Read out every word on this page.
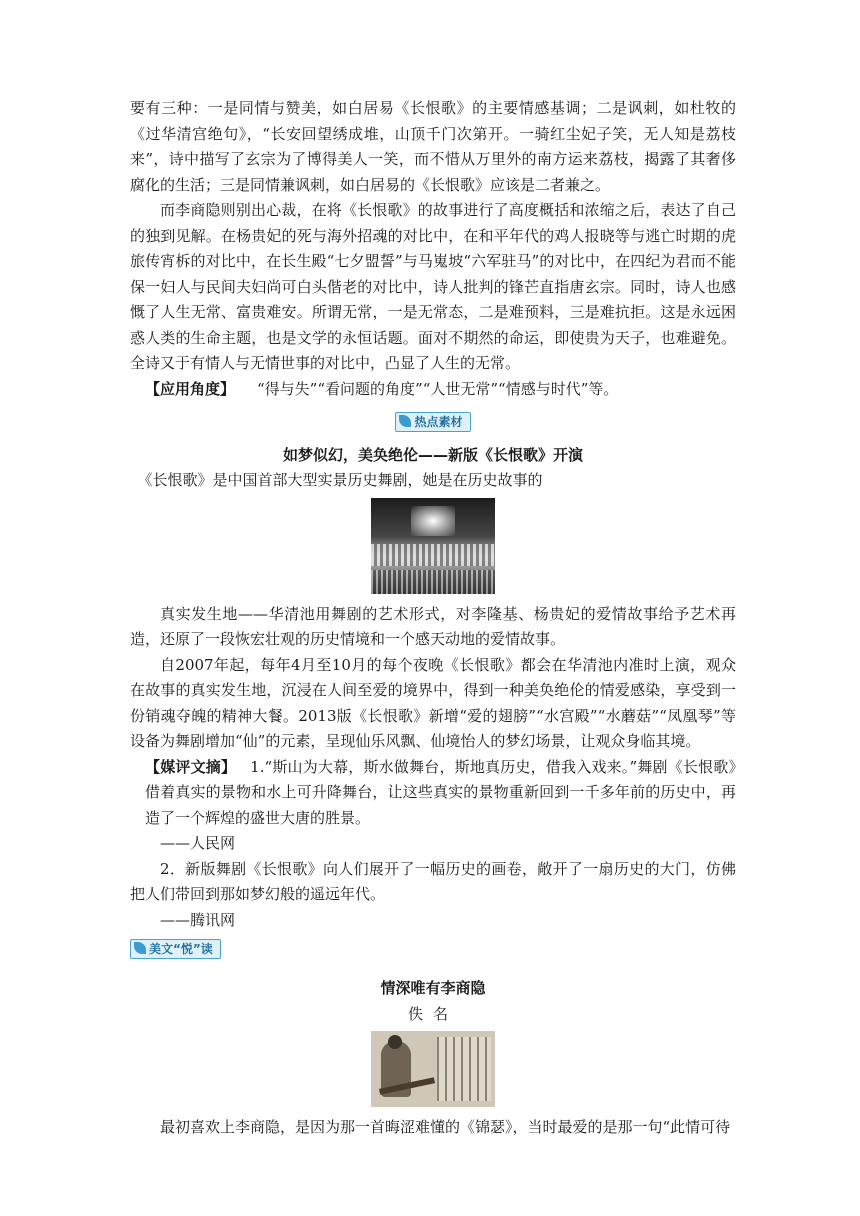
要有三种：一是同情与赞美，如白居易《长恨歌》的主要情感基调；二是讽刺，如杜牧的《过华清宫绝句》，“长安回望绣成堆，山顶千门次第开。一骑红尘妃子笑，无人知是荔枝来”，诗中描写了玄宗为了博得美人一笑，而不惜从万里外的南方运来荔枝，揭露了其奢侈腐化的生活；三是同情兼讽刺，如白居易的《长恨歌》应该是二者兼之。

而李商隐则别出心裁，在将《长恨歌》的故事进行了高度概括和浓缩之后，表达了自己的独到见解。在杨贵妃的死与海外招魂的对比中，在和平年代的鸡人报晓等与逃亡时期的虎旅传宵柝的对比中，在长生殿“七夕盟誓”与马嵬坡“六军驻马”的对比中，在四纪为君而不能保一妇人与民间夫妇尚可白头偕老的对比中，诗人批判的锋芒直指唐玄宗。同时，诗人也感慨了人生无常、富贵难安。所谓无常，一是无常态，二是难预料，三是难抗拒。这是永远困惑人类的生命主题，也是文学的永恒话题。面对不期然的命运，即使贵为天子，也难避免。全诗又于有情人与无情世事的对比中，凸显了人生的无常。

【应用角度】 “得与失”“看问题的角度”“人世无常”“情感与时代”等。

热点素材
如梦似幻，美奂绝伦——新版《长恨歌》开演

《长恨歌》是中国首部大型实景历史舞剧，她是在历史故事的

真实发生地——华清池用舞剧的艺术形式，对李隆基、杨贵妃的爱情故事给予艺术再造，还原了一段恢宏壮观的历史情境和一个感天动地的爱情故事。

自2007年起，每年4月至10月的每个夜晚《长恨歌》都会在华清池内准时上演，观众在故事的真实发生地，沉浸在人间至爱的境界中，得到一种美奂绝伦的情爱感染，享受到一份销魂夺魄的精神大餐。2013版《长恨歌》新增“爱的翅膀”“水宫殿”“水蘑菇”“凤凰琴”等设备为舞剧增加“仙”的元素，呈现仙乐风飘、仙境怡人的梦幻场景，让观众身临其境。

【媒评文摘】 1.“斯山为大幕，斯水做舞台，斯地真历史，借我入戏来。”舞剧《长恨歌》借着真实的景物和水上可升降舞台，让这些真实的景物重新回到一千多年前的历史中，再造了一个辉煌的盛世大唐的胜景。

——人民网

2．新版舞剧《长恨歌》向人们展开了一幅历史的画卷，敞开了一扇历史的大门，仿佛把人们带回到那如梦幻般的遥远年代。

——腾讯网
美文“悦”读
情深唯有李商隐
佚名

最初喜欢上李商隐，是因为那一首晦涩难懂的《锦瑟》，当时最爱的是那一句“此情可待
